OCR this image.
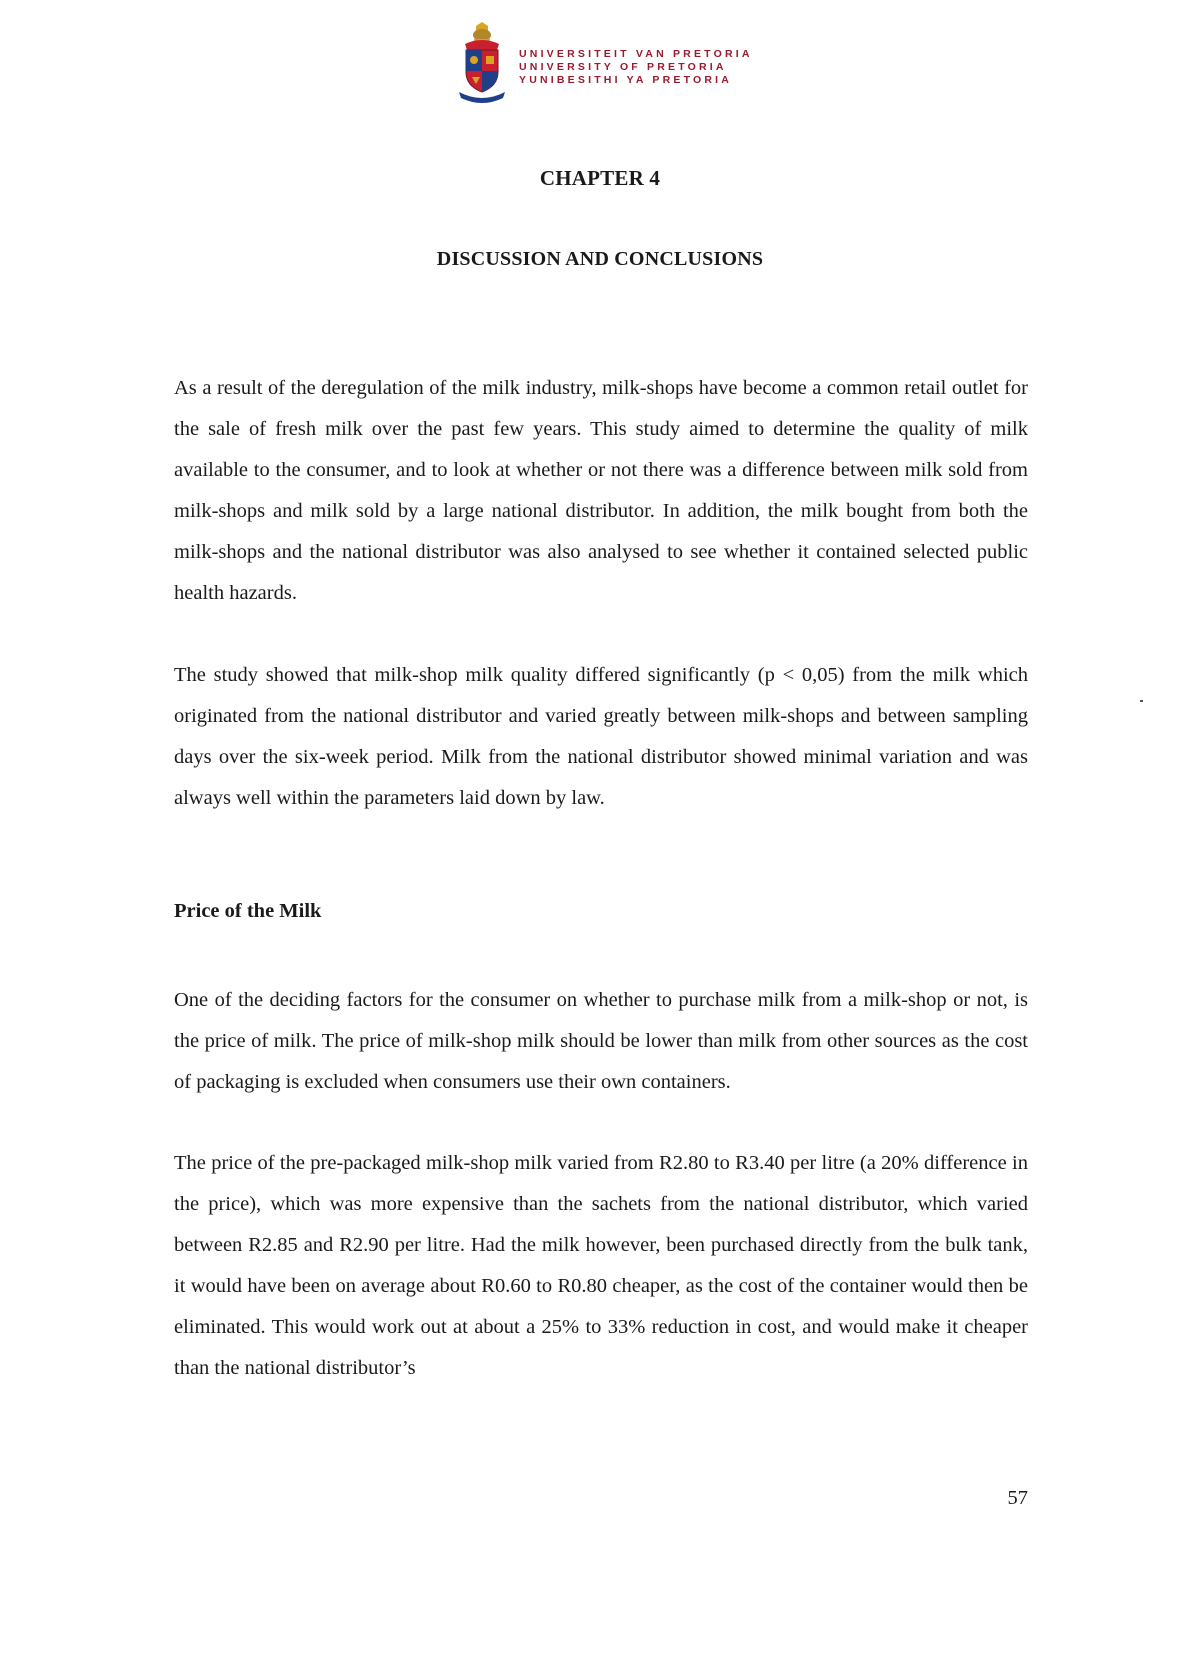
UNIVERSITEIT VAN PRETORIA
UNIVERSITY OF PRETORIA
YUNIBESITHI YA PRETORIA
CHAPTER 4
DISCUSSION AND CONCLUSIONS

As a result of the deregulation of the milk industry, milk-shops have become a common retail outlet for the sale of fresh milk over the past few years. This study aimed to determine the quality of milk available to the consumer, and to look at whether or not there was a difference between milk sold from milk-shops and milk sold by a large national distributor. In addition, the milk bought from both the milk-shops and the national distributor was also analysed to see whether it contained selected public health hazards.

The study showed that milk-shop milk quality differed significantly (p < 0,05) from the milk which originated from the national distributor and varied greatly between milk-shops and between sampling days over the six-week period. Milk from the national distributor showed minimal variation and was always well within the parameters laid down by law.

Price of the Milk

One of the deciding factors for the consumer on whether to purchase milk from a milk-shop or not, is the price of milk. The price of milk-shop milk should be lower than milk from other sources as the cost of packaging is excluded when consumers use their own containers.

The price of the pre-packaged milk-shop milk varied from R2.80 to R3.40 per litre (a 20% difference in the price), which was more expensive than the sachets from the national distributor, which varied between R2.85 and R2.90 per litre. Had the milk however, been purchased directly from the bulk tank, it would have been on average about R0.60 to R0.80 cheaper, as the cost of the container would then be eliminated. This would work out at about a 25% to 33% reduction in cost, and would make it cheaper than the national distributor’s

57
